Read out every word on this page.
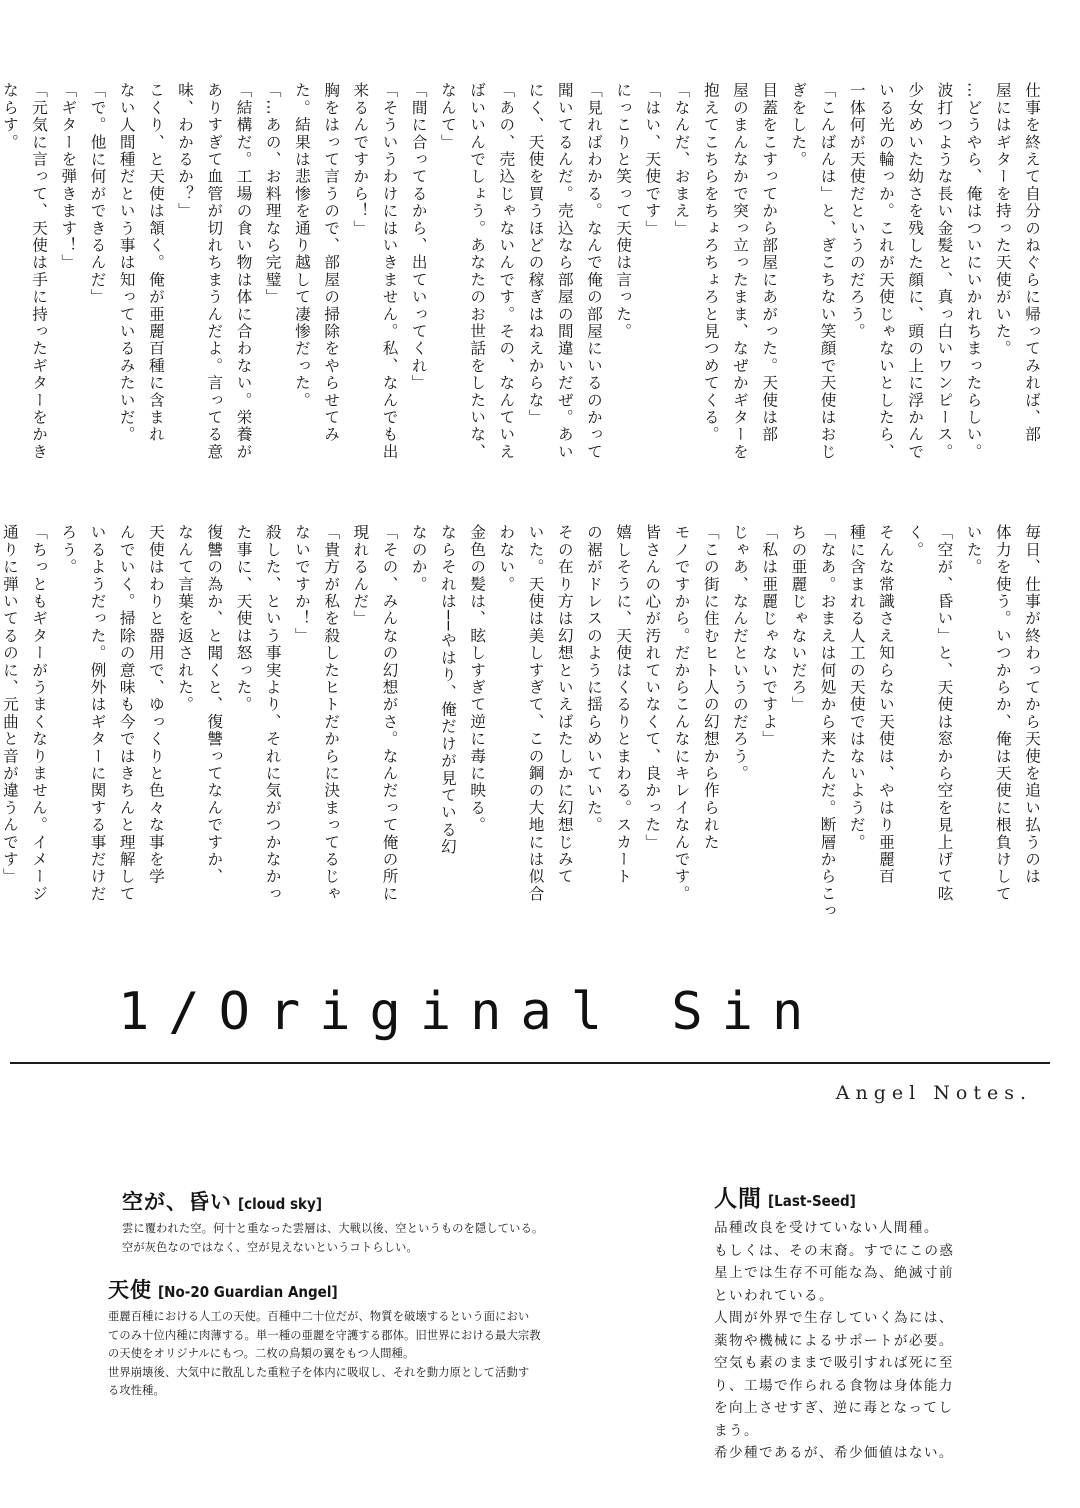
仕事を終えて自分のねぐらに帰ってみれば、部
屋にはギターを持った天使がいた。
…どうやら、俺はついにいかれちまったらしい。
波打つような長い金髪と、真っ白いワンピース。
少女めいた幼さを残した顔に、頭の上に浮かんで
いる光の輪っか。これが天使じゃないとしたら、
一体何が天使だというのだろう。
「こんばんは」と、ぎこちない笑顔で天使はおじ
ぎをした。
目蓋をこすってから部屋にあがった。天使は部
屋のまんなかで突っ立ったまま、なぜかギターを
抱えてこちらをちょろちょろと見つめてくる。
「なんだ、おまえ」
「はい、天使です」
にっこりと笑って天使は言った。
「見ればわかる。なんで俺の部屋にいるのかって
聞いてるんだ。売込なら部屋の間違いだぜ。あい
にく、天使を買うほどの稼ぎはねえからな」
「あの、売込じゃないんです。その、なんていえ
ばいいんでしょう。あなたのお世話をしたいな、
なんて」
「間に合ってるから、出ていってくれ」
「そういうわけにはいきません。私、なんでも出
来るんですから！」
胸をはって言うので、部屋の掃除をやらせてみ
た。結果は悲惨を通り越して凄惨だった。
「…あの、お料理なら完璧」
「結構だ。工場の食い物は体に合わない。栄養が
ありすぎて血管が切れちまうんだよ。言ってる意
味、わかるか？」
こくり、と天使は頷く。俺が亜麗百種に含まれ
ない人間種だという事は知っているみたいだ。
「で。他に何ができるんだ」
「ギターを弾きます！」
「元気に言って、天使は手に持ったギターをかき
ならす。
毎日、仕事が終わってから天使を追い払うのは
体力を使う。いつからか、俺は天使に根負けして
いた。
「空が、昏い」と、天使は窓から空を見上げて呟
く。
そんな常識さえ知らない天使は、やはり亜麗百
種に含まれる人工の天使ではないようだ。
「なあ。おまえは何処から来たんだ。断層からこっ
ちの亜麗じゃないだろ」
「私は亜麗じゃないですよ」
じゃあ、なんだというのだろう。
「この街に住むヒト人の幻想から作られた
モノですから。だからこんなにキレイなんです。
皆さんの心が汚れていなくて、良かった」
嬉しそうに、天使はくるりとまわる。スカート
の裾がドレスのように揺らめいていた。
その在り方は幻想といえばたしかに幻想じみて
いた。天使は美しすぎて、この鋼の大地には似合
わない。
金色の髪は、眩しすぎて逆に毒に映る。
ならそれは──やはり、俺だけが見ている幻
なのか。
「その、みんなの幻想がさ。なんだって俺の所に
現れるんだ」
「貴方が私を殺したヒトだからに決まってるじゃ
ないですか！」
殺した、という事実より、それに気がつかなかっ
た事に、天使は怒った。
復讐の為か、と聞くと、復讐ってなんですか、
なんて言葉を返された。
天使はわりと器用で、ゆっくりと色々な事を学
んでいく。掃除の意味も今ではきちんと理解して
いるようだった。例外はギターに関する事だけだ
ろう。
「ちっともギターがうまくなりません。イメージ
通りに弾いてるのに、元曲と音が違うんです」
1/Original Sin
Angel Notes.
空が、昏い [cloud sky]
雲に覆われた空。何十と重なった雲層は、大戦以後、空というものを隠している。
空が灰色なのではなく、空が見えないというコトらしい。
天使 [No-20 Guardian Angel]
亜麗百種における人工の天使。百種中二十位だが、物質を破壊するという面におい
てのみ十位内種に肉薄する。単一種の亜麗を守護する郡体。旧世界における最大宗教
の天使をオリジナルにもつ。二枚の鳥類の翼をもつ人間種。
世界崩壊後、大気中に散乱した重粒子を体内に吸収し、それを動力原として活動す
る攻性種。
人間 [Last-Seed]
品種改良を受けていない人間種。
もしくは、その末裔。すでにこの惑
星上では生存不可能な為、絶滅寸前
といわれている。
人間が外界で生存していく為には、
薬物や機械によるサポートが必要。
空気も素のままで吸引すれば死に至
り、工場で作られる食物は身体能力
を向上させすぎ、逆に毒となってし
まう。
希少種であるが、希少価値はない。
